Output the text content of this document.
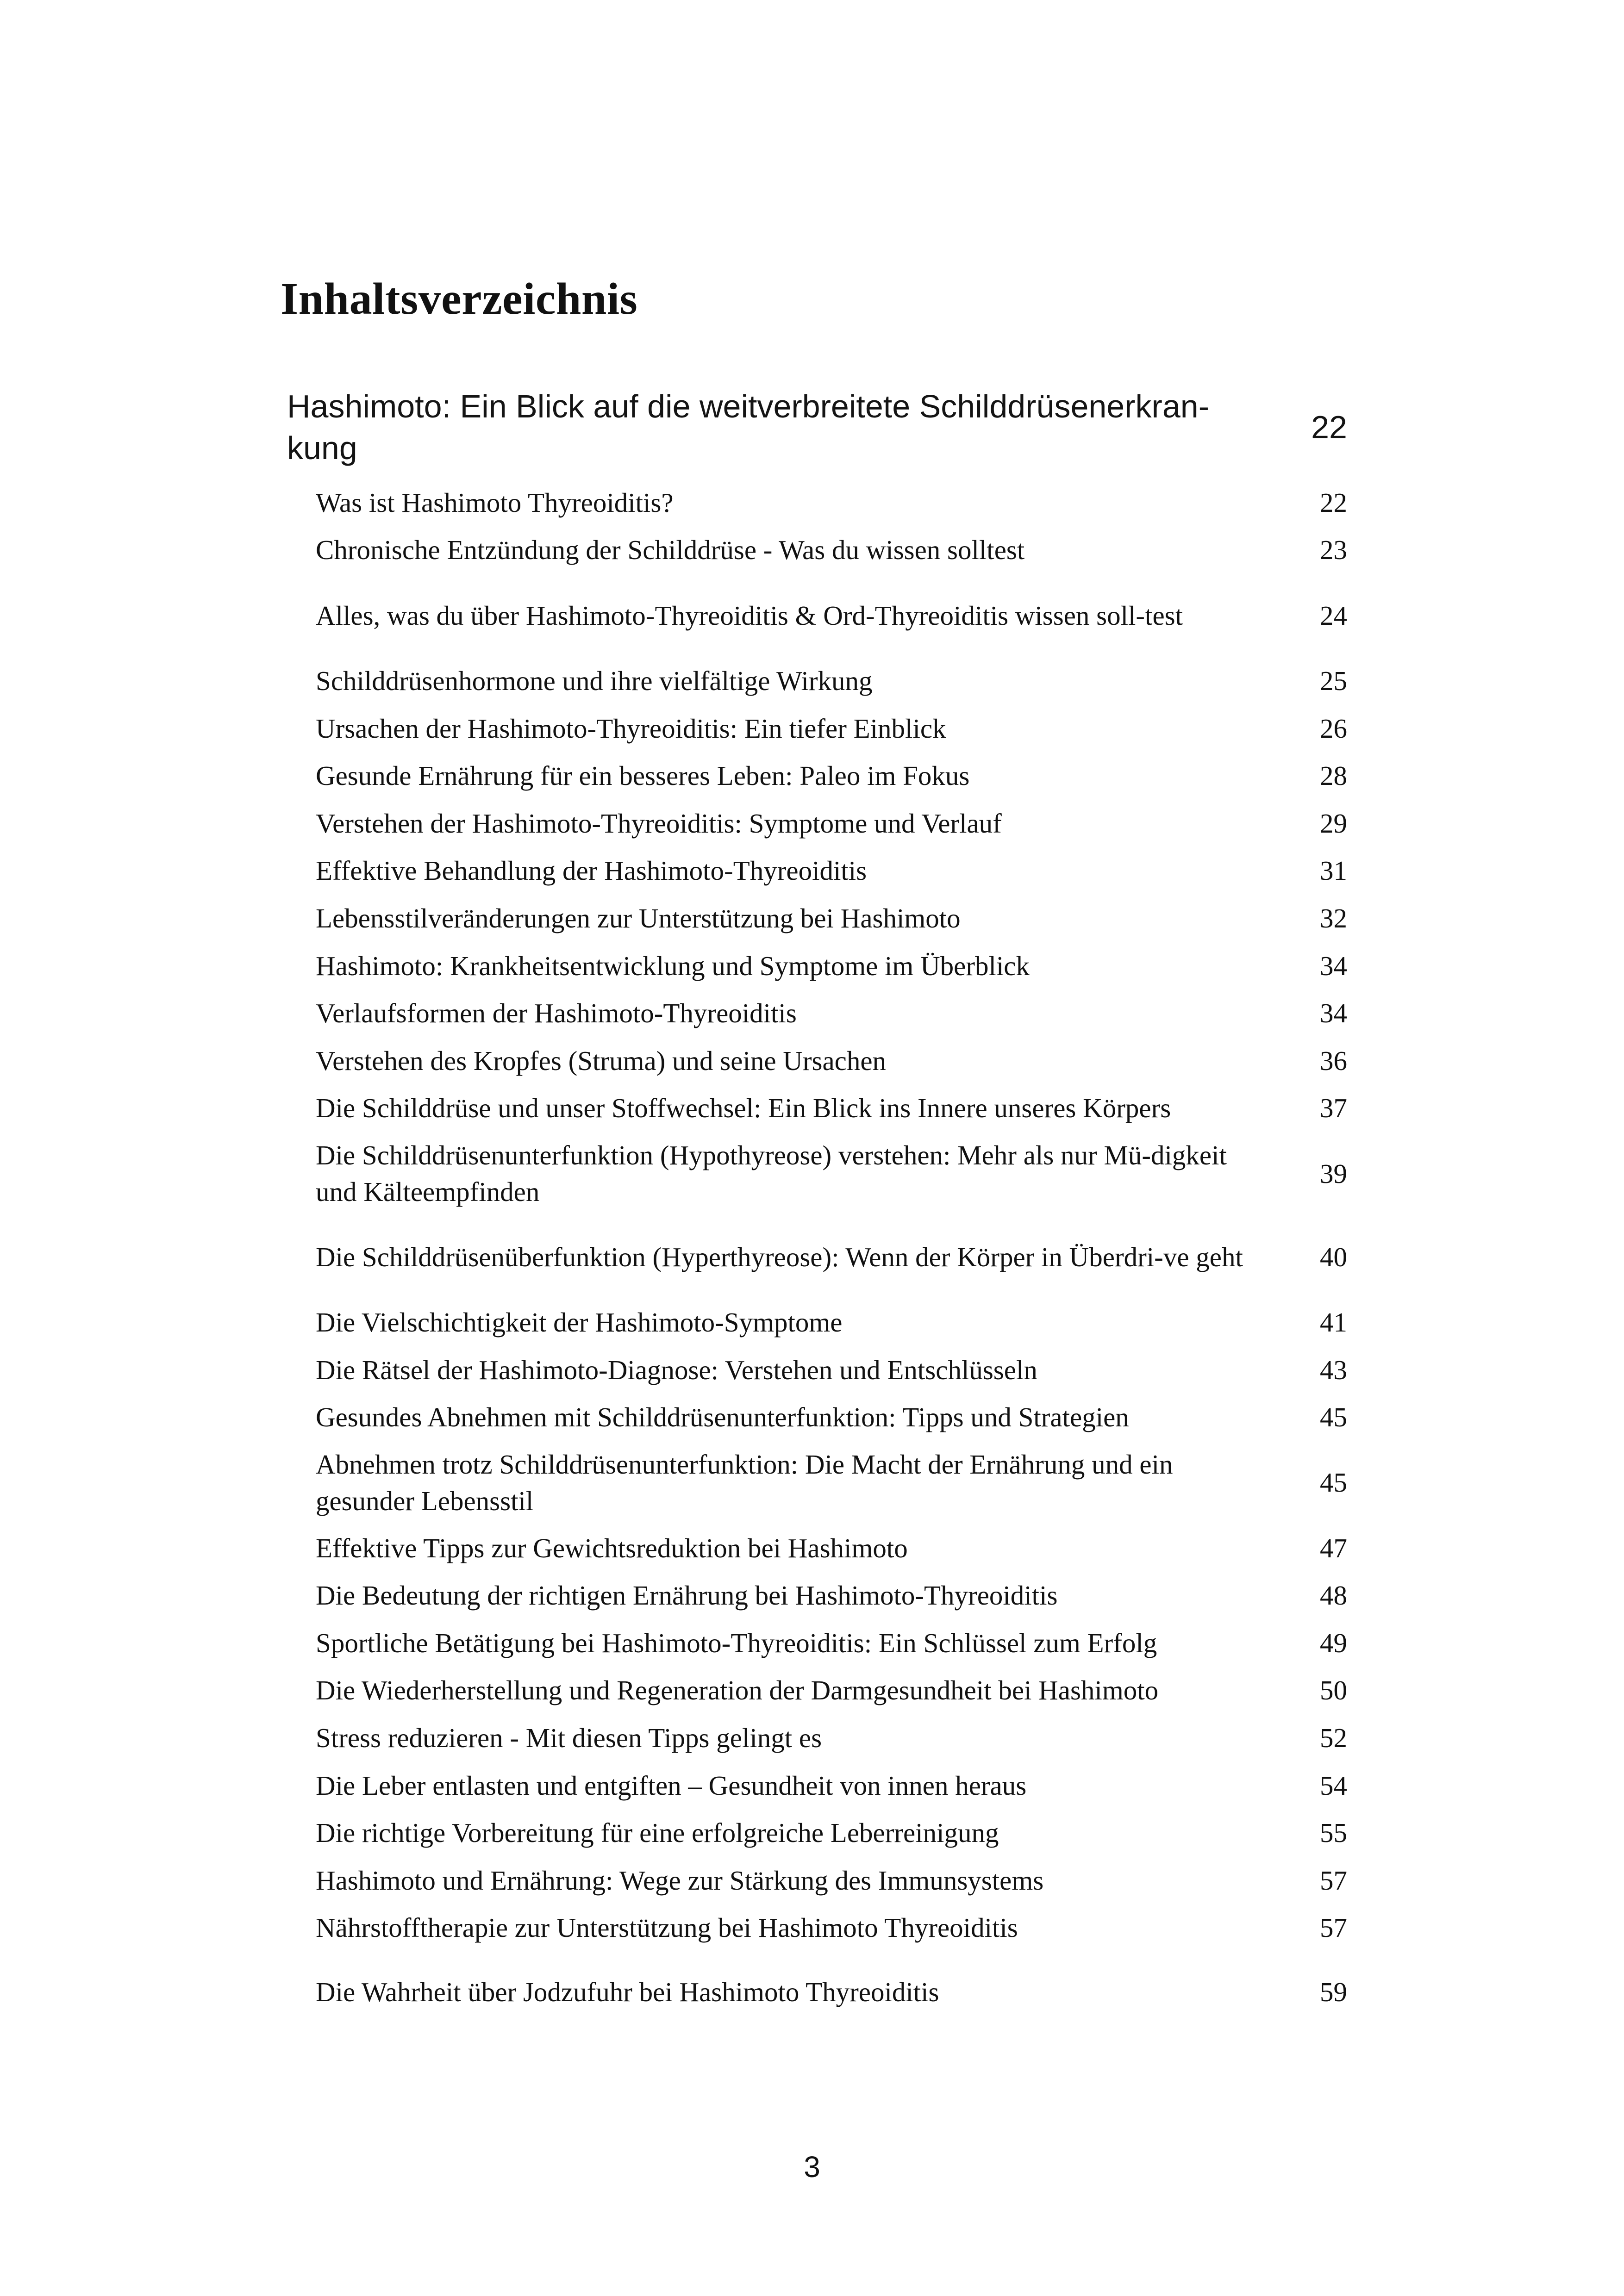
Inhaltsverzeichnis
Hashimoto: Ein Blick auf die weitverbreitete Schilddrüsenerkran-kung
22
Was ist Hashimoto Thyreoiditis?	22
Chronische Entzündung der Schilddrüse - Was du wissen solltest	23
Alles, was du über Hashimoto-Thyreoiditis & Ord-Thyreoiditis wissen soll-test	24
Schilddrüsenhormone und ihre vielfältige Wirkung	25
Ursachen der Hashimoto-Thyreoiditis: Ein tiefer Einblick	26
Gesunde Ernährung für ein besseres Leben: Paleo im Fokus	28
Verstehen der Hashimoto-Thyreoiditis: Symptome und Verlauf	29
Effektive Behandlung der Hashimoto-Thyreoiditis	31
Lebensstilveränderungen zur Unterstützung bei Hashimoto	32
Hashimoto: Krankheitsentwicklung und Symptome im Überblick	34
Verlaufsformen der Hashimoto-Thyreoiditis	34
Verstehen des Kropfes (Struma) und seine Ursachen	36
Die Schilddrüse und unser Stoffwechsel: Ein Blick ins Innere unseres Körpers	37
Die Schilddrüsenunterfunktion (Hypothyreose) verstehen: Mehr als nur Mü-digkeit und Kälteempfinden
39
Die Schilddrüsenüberfunktion (Hyperthyreose): Wenn der Körper in Überdri-ve geht	40
Die Vielschichtigkeit der Hashimoto-Symptome	41
Die Rätsel der Hashimoto-Diagnose: Verstehen und Entschlüsseln	43
Gesundes Abnehmen mit Schilddrüsenunterfunktion: Tipps und Strategien	45
Abnehmen trotz Schilddrüsenunterfunktion: Die Macht der Ernährung und ein gesunder Lebensstil
45
Effektive Tipps zur Gewichtsreduktion bei Hashimoto	47
Die Bedeutung der richtigen Ernährung bei Hashimoto-Thyreoiditis	48
Sportliche Betätigung bei Hashimoto-Thyreoiditis: Ein Schlüssel zum Erfolg	49
Die Wiederherstellung und Regeneration der Darmgesundheit bei Hashimoto	50
Stress reduzieren - Mit diesen Tipps gelingt es	52
Die Leber entlasten und entgiften – Gesundheit von innen heraus	54
Die richtige Vorbereitung für eine erfolgreiche Leberreinigung	55
Hashimoto und Ernährung: Wege zur Stärkung des Immunsystems	57
Nährstofftherapie zur Unterstützung bei Hashimoto Thyreoiditis	57
Die Wahrheit über Jodzufuhr bei Hashimoto Thyreoiditis	59
3
